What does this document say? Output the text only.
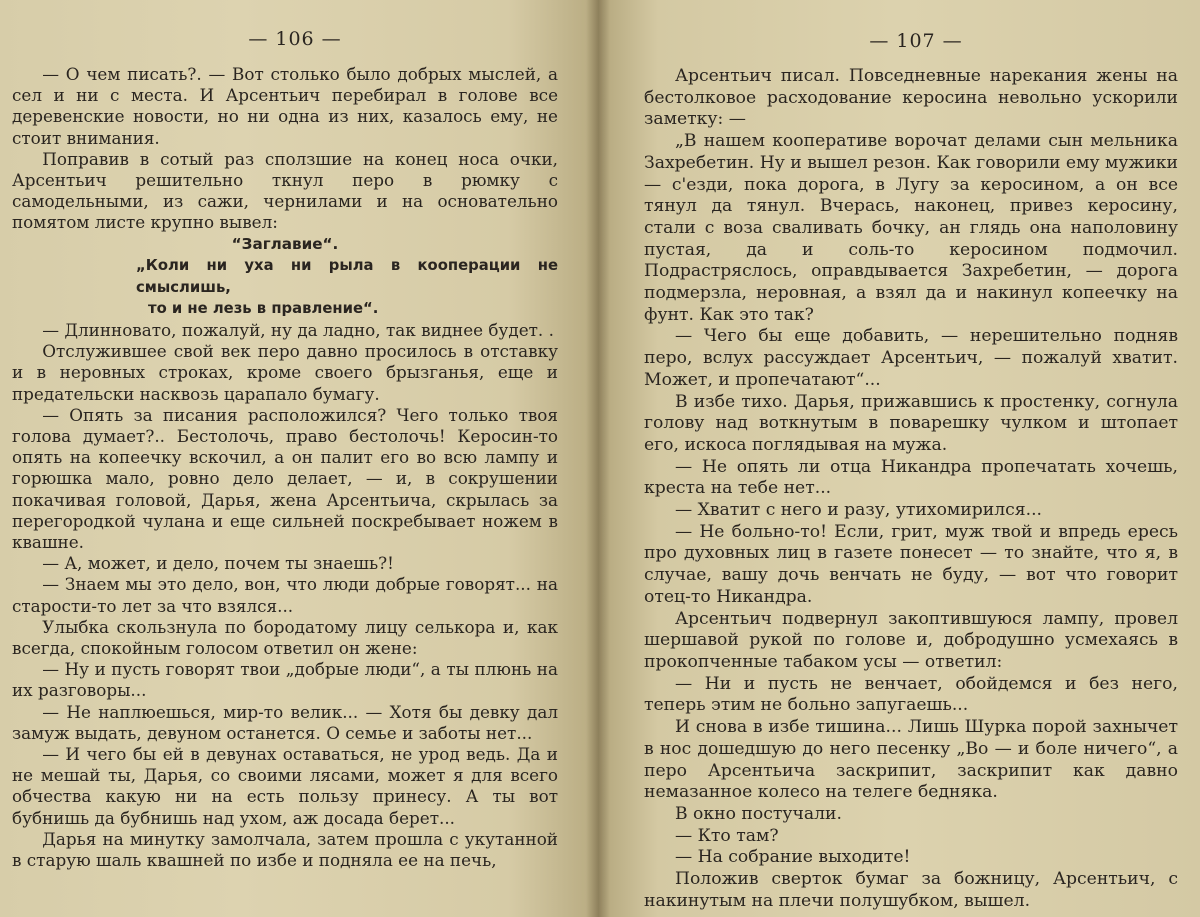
— 106 —

— О чем писать?. — Вот столько было добрых мыслей, а сел и ни с места. И Арсентьич перебирал в голове все деревенские новости, но ни одна из них, казалось ему, не стоит внимания.

Поправив в сотый раз сползшие на конец носа очки, Арсентьич решительно ткнул перо в рюмку с самодельными, из сажи, чернилами и на основательно помятом листе крупно вывел:

“Заглавие“.

„Коли ни уха ни рыла в кооперации не смыслишь,
то и не лезь в правление“.

— Длинновато, пожалуй, ну да ладно, так виднее будет. .

Отслужившее свой век перо давно просилось в отставку и в неровных строках, кроме своего брызганья, еще и предательски насквозь царапало бумагу.

— Опять за писания расположился? Чего только твоя голова думает?.. Бестолочь, право бестолочь! Керосин-то опять на копеечку вскочил, а он палит его во всю лампу и горюшка мало, ровно дело делает, — и, в сокрушении покачивая головой, Дарья, жена Арсентьича, скрылась за перегородкой чулана и еще сильней поскребывает ножем в квашне.

— А, может, и дело, почем ты знаешь?!

— Знаем мы это дело, вон, что люди добрые говорят... на старости-то лет за что взялся...

Улыбка скользнула по бородатому лицу селькора и, как всегда, спокойным голосом ответил он жене:

— Ну и пусть говорят твои „добрые люди“, а ты плюнь на их разговоры...

— Не наплюешься, мир-то велик... — Хотя бы девку дал замуж выдать, девуном останется. О семье и заботы нет...

— И чего бы ей в девунах оставаться, не урод ведь. Да и не мешай ты, Дарья, со своими лясами, может я для всего обчества какую ни на есть пользу принесу. А ты вот бубнишь да бубнишь над ухом, аж досада берет...

Дарья на минутку замолчала, затем прошла с укутанной в старую шаль квашней по избе и подняла ее на печь,

— 107 —

Арсентьич писал. Повседневные нарекания жены на бестолковое расходование керосина невольно ускорили заметку: —

„В нашем кооперативе ворочат делами сын мельника Захребетин. Ну и вышел резон. Как говорили ему мужики — с'езди, пока дорога, в Лугу за керосином, а он все тянул да тянул. Вчерась, наконец, привез керосину, стали с воза сваливать бочку, ан глядь она наполовину пустая, да и соль-то керосином подмочил. Подрастряслось, оправдывается Захребетин, — дорога подмерзла, неровная, а взял да и накинул копеечку на фунт. Как это так?

— Чего бы еще добавить, — нерешительно подняв перо, вслух рассуждает Арсентьич, — пожалуй хватит. Может, и пропечатают“...

В избе тихо. Дарья, прижавшись к простенку, согнула голову над воткнутым в поварешку чулком и штопает его, искоса поглядывая на мужа.

— Не опять ли отца Никандра пропечатать хочешь, креста на тебе нет...

— Хватит с него и разу, утихомирился...

— Не больно-то! Если, грит, муж твой и впредь ересь про духовных лиц в газете понесет — то знайте, что я, в случае, вашу дочь венчать не буду, — вот что говорит отец-то Никандра.

Арсентьич подвернул закоптившуюся лампу, провел шершавой рукой по голове и, добродушно усмехаясь в прокопченные табаком усы — ответил:

— Ни и пусть не венчает, обойдемся и без него, теперь этим не больно запугаешь...

И снова в избе тишина... Лишь Шурка порой захнычет в нос дошедшую до него песенку „Во — и боле ничего“, а перо Арсентьича заскрипит, заскрипит как давно немазанное колесо на телеге бедняка.

В окно постучали.

— Кто там?

— На собрание выходите!

Положив сверток бумаг за божницу, Арсентьич, с накинутым на плечи полушубком, вышел.
